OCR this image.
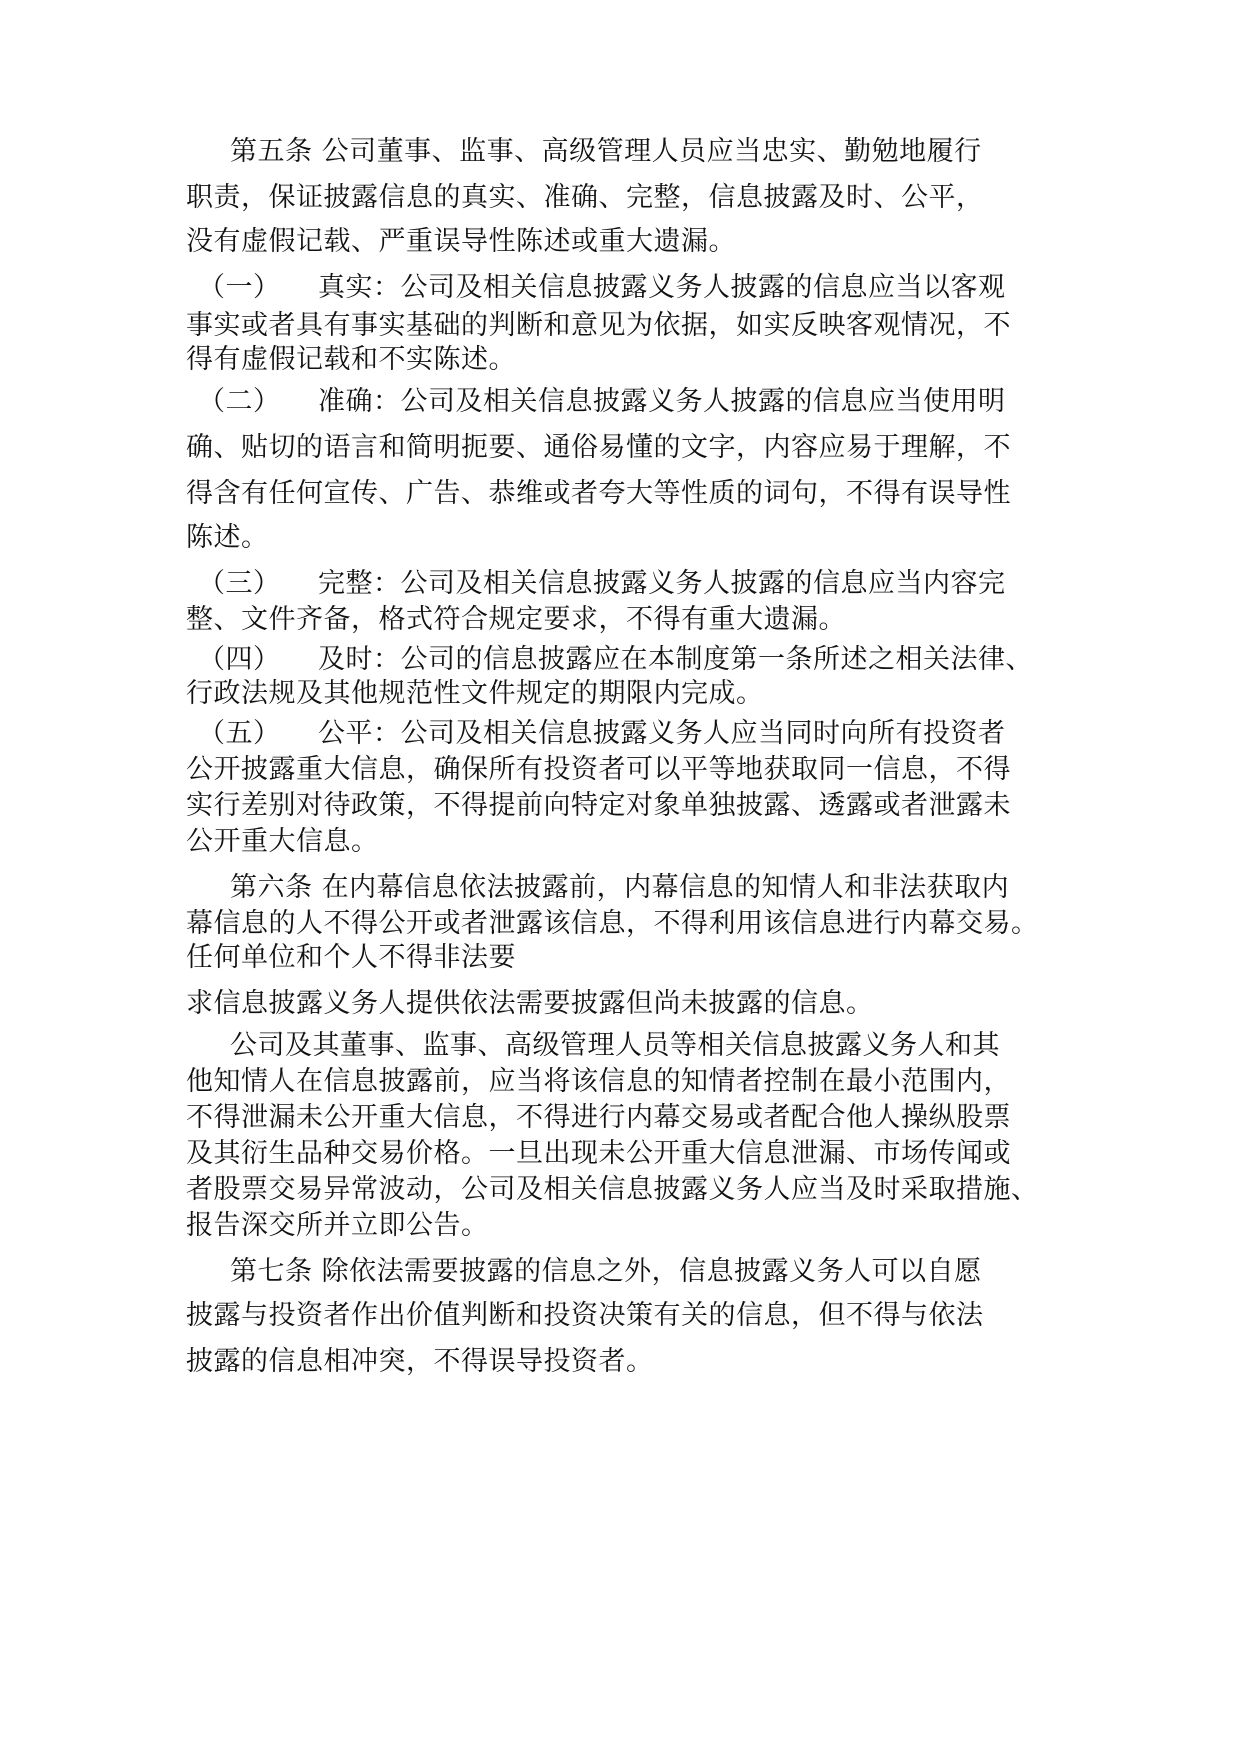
第五条 公司董事、监事、高级管理人员应当忠实、勤勉地履行
职责，保证披露信息的真实、准确、完整，信息披露及时、公平，
没有虚假记载、严重误导性陈述或重大遗漏。
（一） 真实：公司及相关信息披露义务人披露的信息应当以客观
事实或者具有事实基础的判断和意见为依据，如实反映客观情况，不
得有虚假记载和不实陈述。
（二） 准确：公司及相关信息披露义务人披露的信息应当使用明
确、贴切的语言和简明扼要、通俗易懂的文字，内容应易于理解，不
得含有任何宣传、广告、恭维或者夸大等性质的词句，不得有误导性
陈述。
（三） 完整：公司及相关信息披露义务人披露的信息应当内容完
整、文件齐备，格式符合规定要求，不得有重大遗漏。
（四） 及时：公司的信息披露应在本制度第一条所述之相关法律、
行政法规及其他规范性文件规定的期限内完成。
（五） 公平：公司及相关信息披露义务人应当同时向所有投资者
公开披露重大信息，确保所有投资者可以平等地获取同一信息，不得
实行差别对待政策，不得提前向特定对象单独披露、透露或者泄露未
公开重大信息。
第六条 在内幕信息依法披露前，内幕信息的知情人和非法获取内
幕信息的人不得公开或者泄露该信息，不得利用该信息进行内幕交易。
任何单位和个人不得非法要
求信息披露义务人提供依法需要披露但尚未披露的信息。
公司及其董事、监事、高级管理人员等相关信息披露义务人和其
他知情人在信息披露前，应当将该信息的知情者控制在最小范围内，
不得泄漏未公开重大信息，不得进行内幕交易或者配合他人操纵股票
及其衍生品种交易价格。一旦出现未公开重大信息泄漏、市场传闻或
者股票交易异常波动，公司及相关信息披露义务人应当及时采取措施、
报告深交所并立即公告。
第七条 除依法需要披露的信息之外，信息披露义务人可以自愿
披露与投资者作出价值判断和投资决策有关的信息，但不得与依法
披露的信息相冲突，不得误导投资者。
